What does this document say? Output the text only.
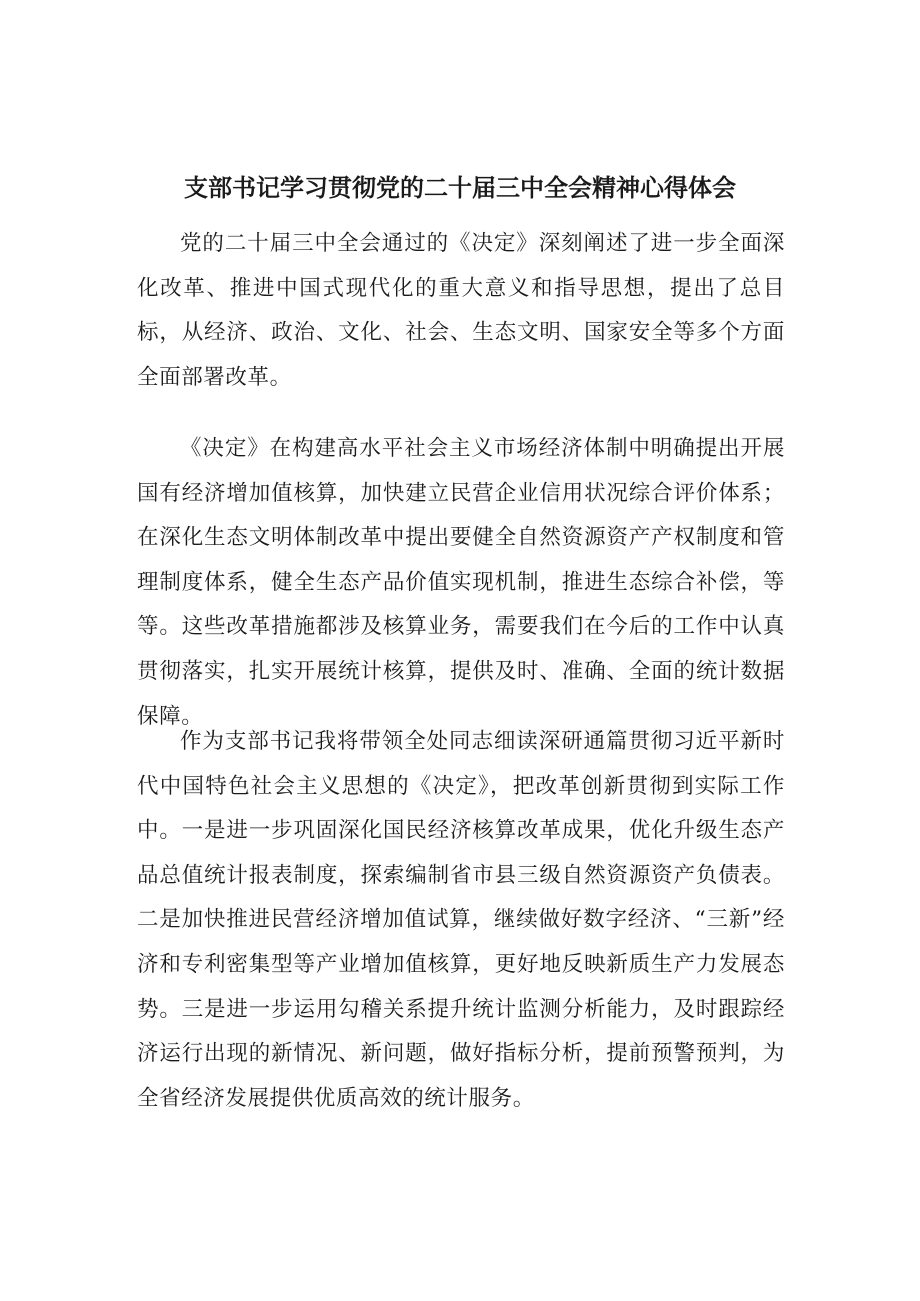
支部书记学习贯彻党的二十届三中全会精神心得体会

党的二十届三中全会通过的《决定》深刻阐述了进一步全面深化改革、推进中国式现代化的重大意义和指导思想，提出了总目标，从经济、政治、文化、社会、生态文明、国家安全等多个方面全面部署改革。

《决定》在构建高水平社会主义市场经济体制中明确提出开展国有经济增加值核算，加快建立民营企业信用状况综合评价体系；在深化生态文明体制改革中提出要健全自然资源资产产权制度和管理制度体系，健全生态产品价值实现机制，推进生态综合补偿，等等。这些改革措施都涉及核算业务，需要我们在今后的工作中认真贯彻落实，扎实开展统计核算，提供及时、准确、全面的统计数据保障。

作为支部书记我将带领全处同志细读深研通篇贯彻习近平新时代中国特色社会主义思想的《决定》，把改革创新贯彻到实际工作中。一是进一步巩固深化国民经济核算改革成果，优化升级生态产品总值统计报表制度，探索编制省市县三级自然资源资产负债表。二是加快推进民营经济增加值试算，继续做好数字经济、“三新”经济和专利密集型等产业增加值核算，更好地反映新质生产力发展态势。三是进一步运用勾稽关系提升统计监测分析能力，及时跟踪经济运行出现的新情况、新问题，做好指标分析，提前预警预判，为全省经济发展提供优质高效的统计服务。
